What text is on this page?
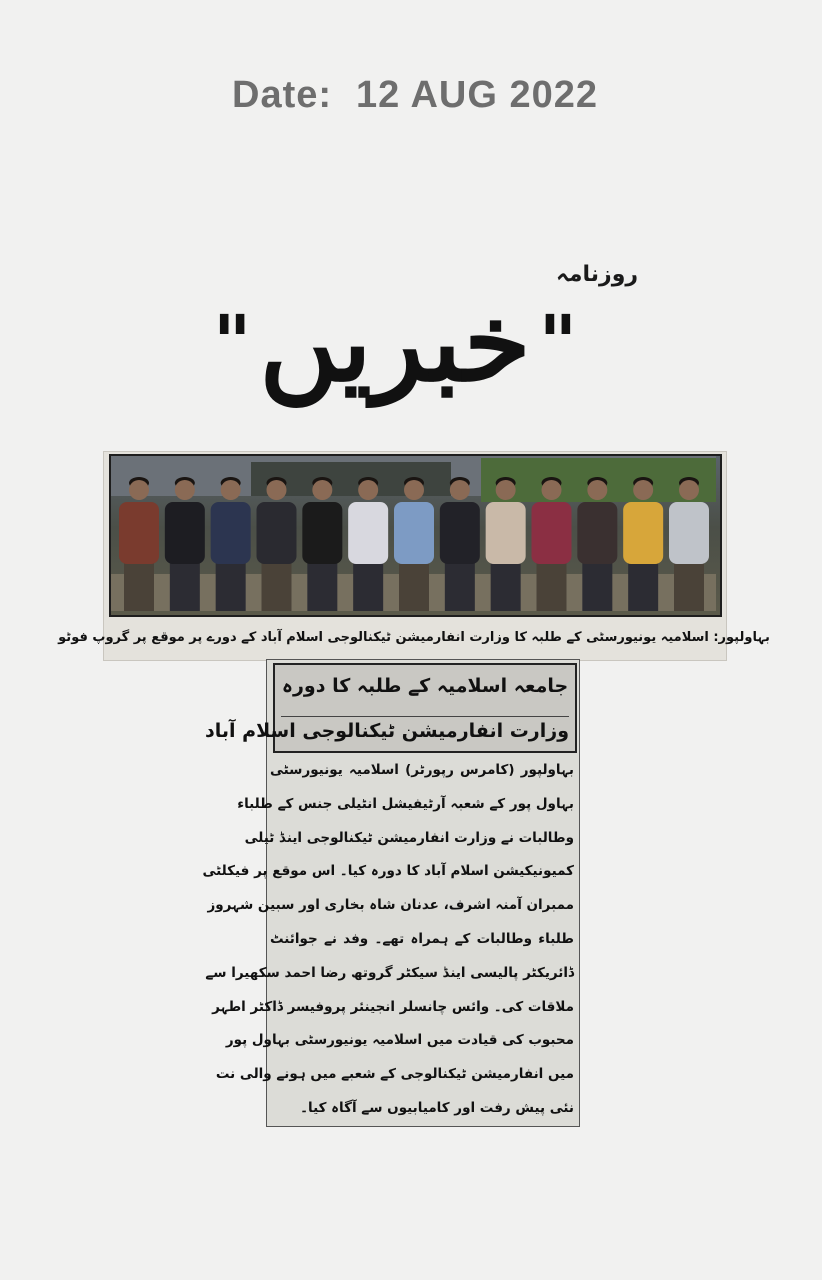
Date: 12 AUG 2022
روزنامہ
" خبریں "
بہاولپور: اسلامیہ یونیورسٹی کے طلبہ کا وزارت انفارمیشن ٹیکنالوجی اسلام آباد کے دورے پر موقع پر گروپ فوٹو
جامعہ اسلامیہ کے طلبہ کا دورہ
وزارت انفارمیشن ٹیکنالوجی اسلام آباد
بہاولپور (کامرس رپورٹر) اسلامیہ یونیورسٹی
بہاول پور کے شعبہ آرٹیفیشل انٹیلی جنس کے طلباء
وطالبات نے وزارت انفارمیشن ٹیکنالوجی اینڈ ٹیلی
کمیونیکیشن اسلام آباد کا دورہ کیا۔ اس موقع پر فیکلٹی
ممبران آمنہ اشرف، عدنان شاہ بخاری اور سبین شہروز
طلباء وطالبات کے ہمراہ تھے۔ وفد نے جوائنٹ
ڈائریکٹر پالیسی اینڈ سیکٹر گروتھ رضا احمد سکھیرا سے
ملاقات کی۔ وائس چانسلر انجینئر پروفیسر ڈاکٹر اطہر
محبوب کی قیادت میں اسلامیہ یونیورسٹی بہاول پور
میں انفارمیشن ٹیکنالوجی کے شعبے میں ہونے والی نت
نئی پیش رفت اور کامیابیوں سے آگاہ کیا۔
